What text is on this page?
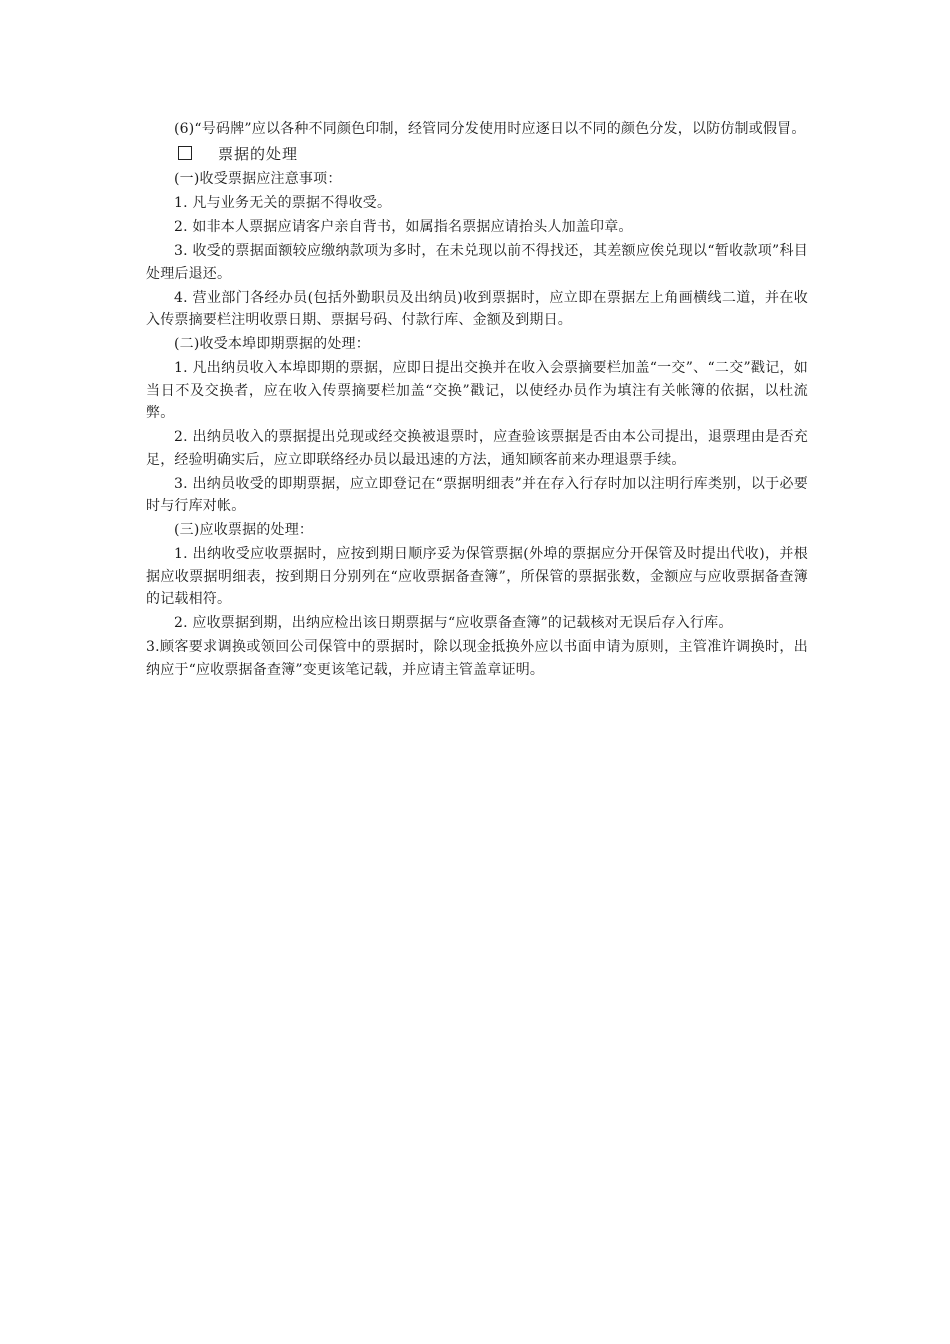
(6)“号码牌”应以各种不同颜色印制，经管同分发使用时应逐日以不同的颜色分发，以防仿制或假冒。

票据的处理

(一)收受票据应注意事项：

1. 凡与业务无关的票据不得收受。

2. 如非本人票据应请客户亲自背书，如属指名票据应请抬头人加盖印章。

3. 收受的票据面额较应缴纳款项为多时，在未兑现以前不得找还，其差额应俟兑现以“暂收款项”科目处理后退还。

4. 营业部门各经办员(包括外勤职员及出纳员)收到票据时，应立即在票据左上角画横线二道，并在收入传票摘要栏注明收票日期、票据号码、付款行库、金额及到期日。

(二)收受本埠即期票据的处理：

1. 凡出纳员收入本埠即期的票据，应即日提出交换并在收入会票摘要栏加盖“一交”、“二交”戳记，如当日不及交换者，应在收入传票摘要栏加盖“交换”戳记，以使经办员作为填注有关帐簿的依据，以杜流弊。

2. 出纳员收入的票据提出兑现或经交换被退票时，应查验该票据是否由本公司提出，退票理由是否充足，经验明确实后，应立即联络经办员以最迅速的方法，通知顾客前来办理退票手续。

3. 出纳员收受的即期票据，应立即登记在“票据明细表”并在存入行存时加以注明行库类别，以于必要时与行库对帐。

(三)应收票据的处理：

1. 出纳收受应收票据时，应按到期日顺序妥为保管票据(外埠的票据应分开保管及时提出代收)，并根据应收票据明细表，按到期日分别列在“应收票据备查簿”，所保管的票据张数，金额应与应收票据备查簿的记载相符。

2. 应收票据到期，出纳应检出该日期票据与“应收票备查簿”的记载核对无误后存入行库。

3.顾客要求调换或领回公司保管中的票据时，除以现金抵换外应以书面申请为原则，主管准许调换时，出纳应于“应收票据备查簿”变更该笔记载，并应请主管盖章证明。
